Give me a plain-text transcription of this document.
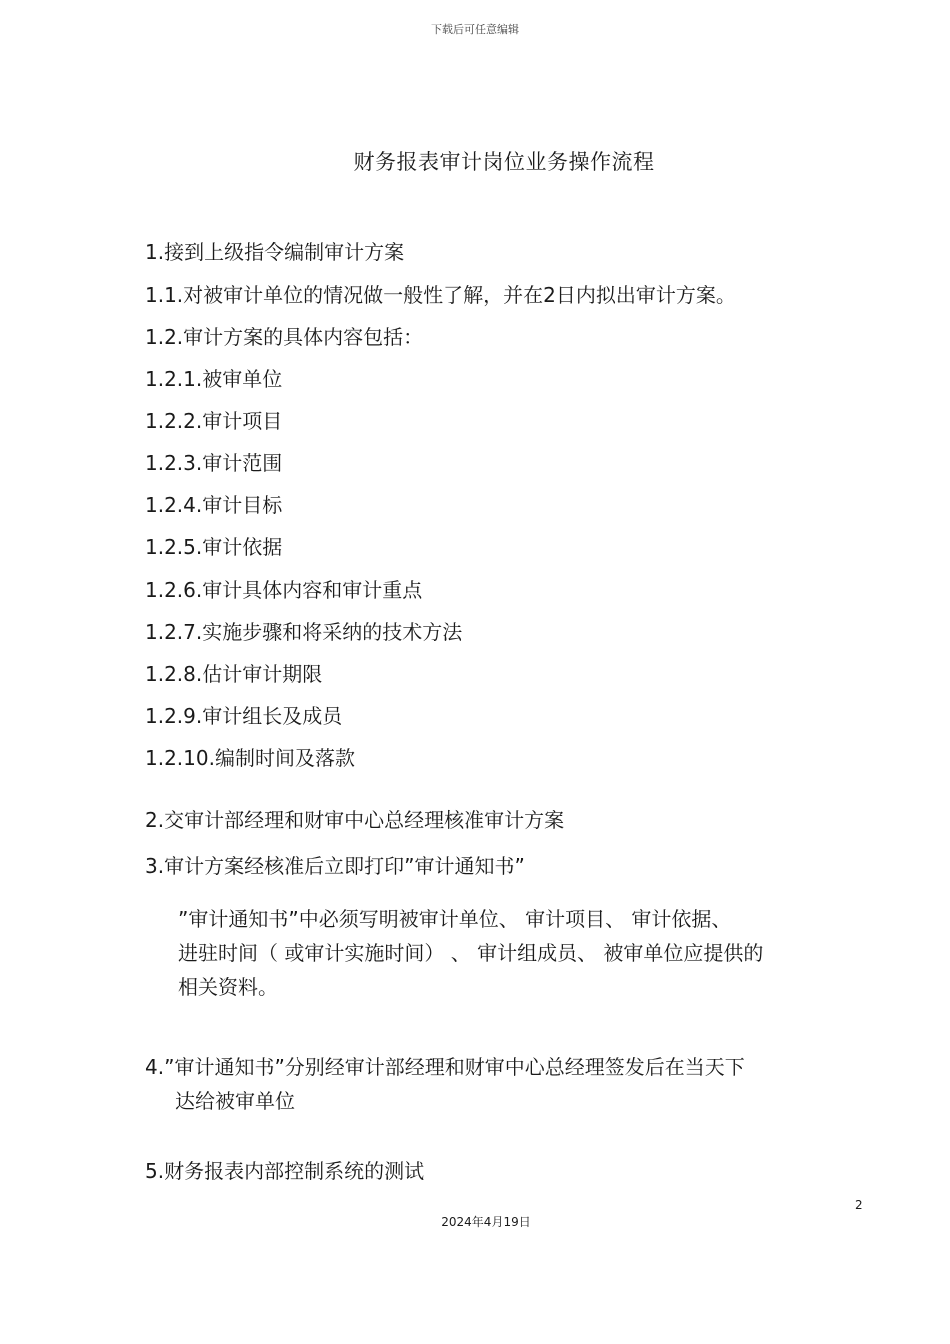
下载后可任意编辑
财务报表审计岗位业务操作流程
1.接到上级指令编制审计方案
1.1.对被审计单位的情况做一般性了解，并在2日内拟出审计方案。
1.2.审计方案的具体内容包括：
1.2.1.被审单位
1.2.2.审计项目
1.2.3.审计范围
1.2.4.审计目标
1.2.5.审计依据
1.2.6.审计具体内容和审计重点
1.2.7.实施步骤和将采纳的技术方法
1.2.8.估计审计期限
1.2.9.审计组长及成员
1.2.10.编制时间及落款
2.交审计部经理和财审中心总经理核准审计方案
3.审计方案经核准后立即打印”审计通知书”
”审计通知书”中必须写明被审计单位、 审计项目、 审计依据、
进驻时间（ 或审计实施时间） 、 审计组成员、 被审单位应提供的
相关资料。
4.”审计通知书”分别经审计部经理和财审中心总经理签发后在当天下
达给被审单位
5.财务报表内部控制系统的测试
2
2024年4月19日
